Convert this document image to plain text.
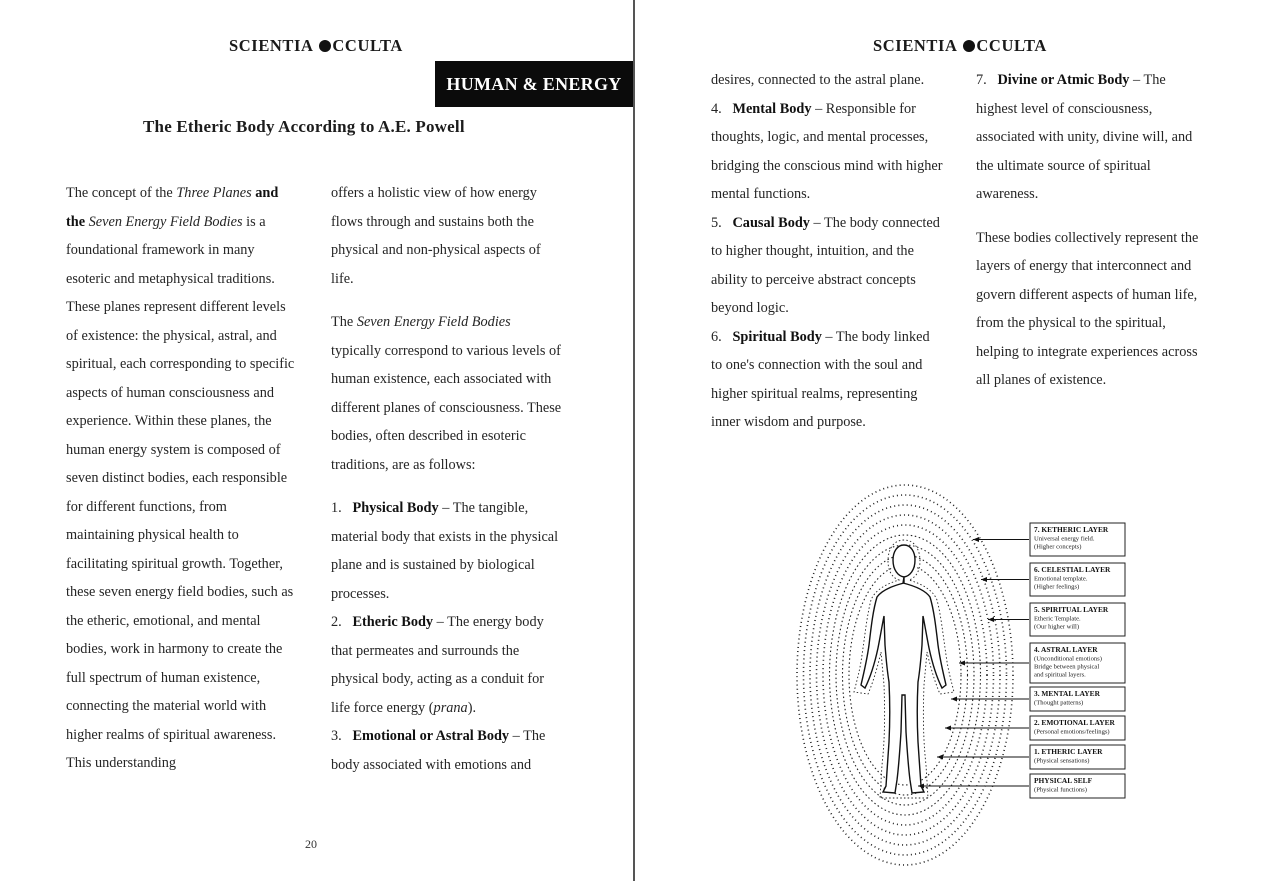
SCIENTIA CCULTA
HUMAN & ENERGY
The Etheric Body According to A.E. Powell

The concept of the Three Planes and the Seven Energy Field Bodies is a foundational framework in many esoteric and metaphysical traditions. These planes represent different levels of existence: the physical, astral, and spiritual, each corresponding to specific aspects of human consciousness and experience. Within these planes, the human energy system is composed of seven distinct bodies, each responsible for different functions, from maintaining physical health to facilitating spiritual growth. Together, these seven energy field bodies, such as the etheric, emotional, and mental bodies, work in harmony to create the full spectrum of human existence, connecting the material world with higher realms of spiritual awareness. This understanding

offers a holistic view of how energy flows through and sustains both the physical and non-physical aspects of life.

The Seven Energy Field Bodies typically correspond to various levels of human existence, each associated with different planes of consciousness. These bodies, often described in esoteric traditions, are as follows:

1. Physical Body – The tangible, material body that exists in the physical plane and is sustained by biological processes.

2. Etheric Body – The energy body that permeates and surrounds the physical body, acting as a conduit for life force energy (prana).

3. Emotional or Astral Body – The body associated with emotions and

20
SCIENTIA CCULTA

desires, connected to the astral plane.

4. Mental Body – Responsible for thoughts, logic, and mental processes, bridging the conscious mind with higher mental functions.

5. Causal Body – The body connected to higher thought, intuition, and the ability to perceive abstract concepts beyond logic.

6. Spiritual Body – The body linked to one's connection with the soul and higher spiritual realms, representing inner wisdom and purpose.

7. Divine or Atmic Body – The highest level of consciousness, associated with unity, divine will, and the ultimate source of spiritual awareness.

These bodies collectively represent the layers of energy that interconnect and govern different aspects of human life, from the physical to the spiritual, helping to integrate experiences across all planes of existence.

7. KETHERIC LAYER
Universal energy field.
(Higher concepts)
6. CELESTIAL LAYER
Emotional template.
(Higher feelings)
5. SPIRITUAL LAYER
Etheric Template.
(Our higher will)
4. ASTRAL LAYER
(Unconditional emotions)
Bridge between physical
and spiritual layers.
3. MENTAL LAYER
(Thought patterns)
2. EMOTIONAL LAYER
(Personal emotions/feelings)
1. ETHERIC LAYER
(Physical sensations)
PHYSICAL SELF
(Physical functions)
